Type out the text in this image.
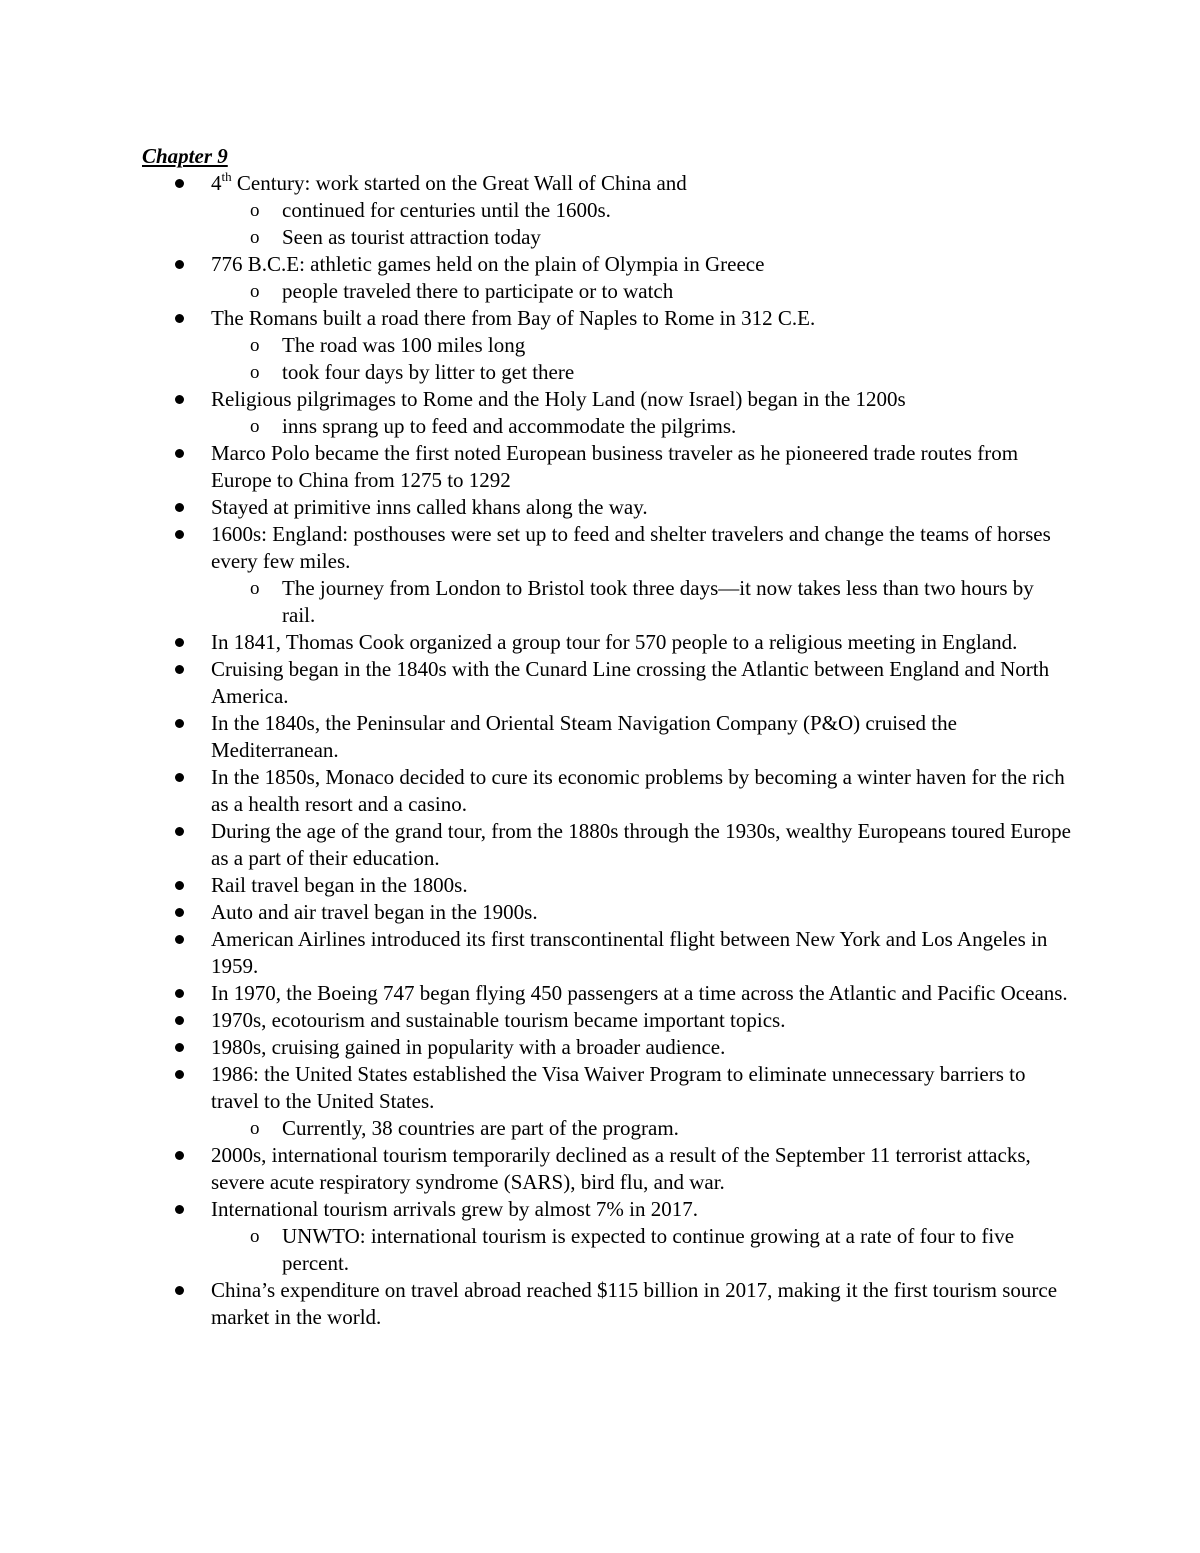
Chapter 9
4th Century: work started on the Great Wall of China and
o	continued for centuries until the 1600s.
o	Seen as tourist attraction today
776 B.C.E: athletic games held on the plain of Olympia in Greece
o	people traveled there to participate or to watch
The Romans built a road there from Bay of Naples to Rome in 312 C.E.
o	The road was 100 miles long
o	took four days by litter to get there
Religious pilgrimages to Rome and the Holy Land (now Israel) began in the 1200s
o	inns sprang up to feed and accommodate the pilgrims.
Marco Polo became the first noted European business traveler as he pioneered trade routes from Europe to China from 1275 to 1292
Stayed at primitive inns called khans along the way.
1600s: England: posthouses were set up to feed and shelter travelers and change the teams of horses every few miles.
o	The journey from London to Bristol took three days—it now takes less than two hours by rail.
In 1841, Thomas Cook organized a group tour for 570 people to a religious meeting in England.
Cruising began in the 1840s with the Cunard Line crossing the Atlantic between England and North America.
In the 1840s, the Peninsular and Oriental Steam Navigation Company (P&O) cruised the Mediterranean.
In the 1850s, Monaco decided to cure its economic problems by becoming a winter haven for the rich as a health resort and a casino.
During the age of the grand tour, from the 1880s through the 1930s, wealthy Europeans toured Europe as a part of their education.
Rail travel began in the 1800s.
Auto and air travel began in the 1900s.
American Airlines introduced its first transcontinental flight between New York and Los Angeles in 1959.
In 1970, the Boeing 747 began flying 450 passengers at a time across the Atlantic and Pacific Oceans.
1970s, ecotourism and sustainable tourism became important topics.
1980s, cruising gained in popularity with a broader audience.
1986: the United States established the Visa Waiver Program to eliminate unnecessary barriers to travel to the United States.
o	Currently, 38 countries are part of the program.
2000s, international tourism temporarily declined as a result of the September 11 terrorist attacks, severe acute respiratory syndrome (SARS), bird flu, and war.
International tourism arrivals grew by almost 7% in 2017.
o	UNWTO: international tourism is expected to continue growing at a rate of four to five percent.
China’s expenditure on travel abroad reached $115 billion in 2017, making it the first tourism source market in the world.
